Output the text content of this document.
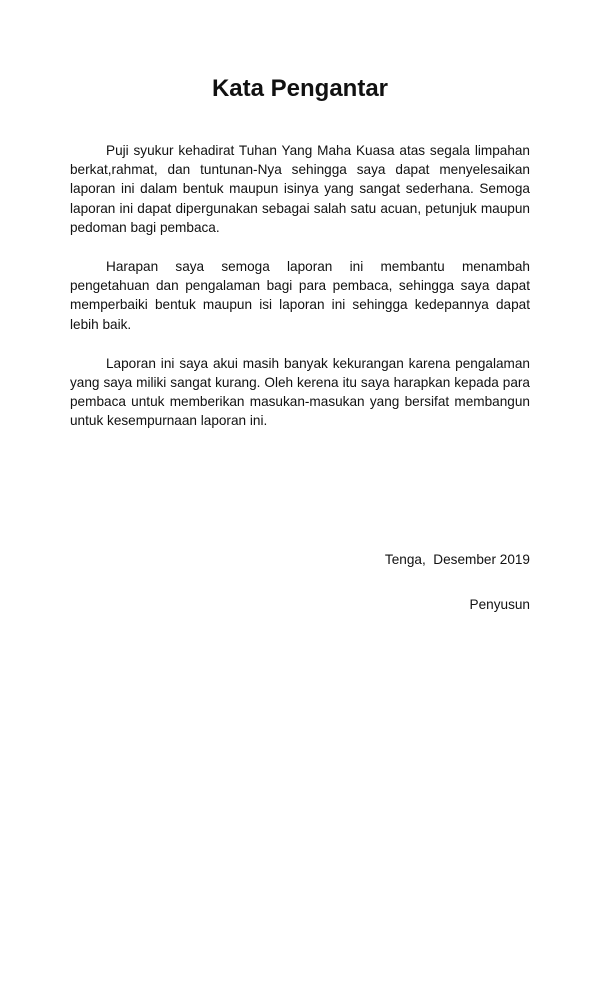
Kata Pengantar

Puji syukur kehadirat Tuhan Yang Maha Kuasa atas segala limpahan berkat,rahmat, dan tuntunan-Nya sehingga saya dapat menyelesaikan laporan ini dalam bentuk maupun isinya yang sangat sederhana. Semoga laporan ini dapat dipergunakan sebagai salah satu acuan, petunjuk maupun pedoman bagi pembaca.

Harapan saya semoga laporan ini membantu menambah pengetahuan dan pengalaman bagi para pembaca, sehingga saya dapat memperbaiki bentuk maupun isi laporan ini sehingga kedepannya dapat lebih baik.

Laporan ini saya akui masih banyak kekurangan karena pengalaman yang saya miliki sangat kurang. Oleh kerena itu saya harapkan kepada para pembaca untuk memberikan masukan-masukan yang bersifat membangun untuk kesempurnaan laporan ini.

Tenga,  Desember 2019
Penyusun
